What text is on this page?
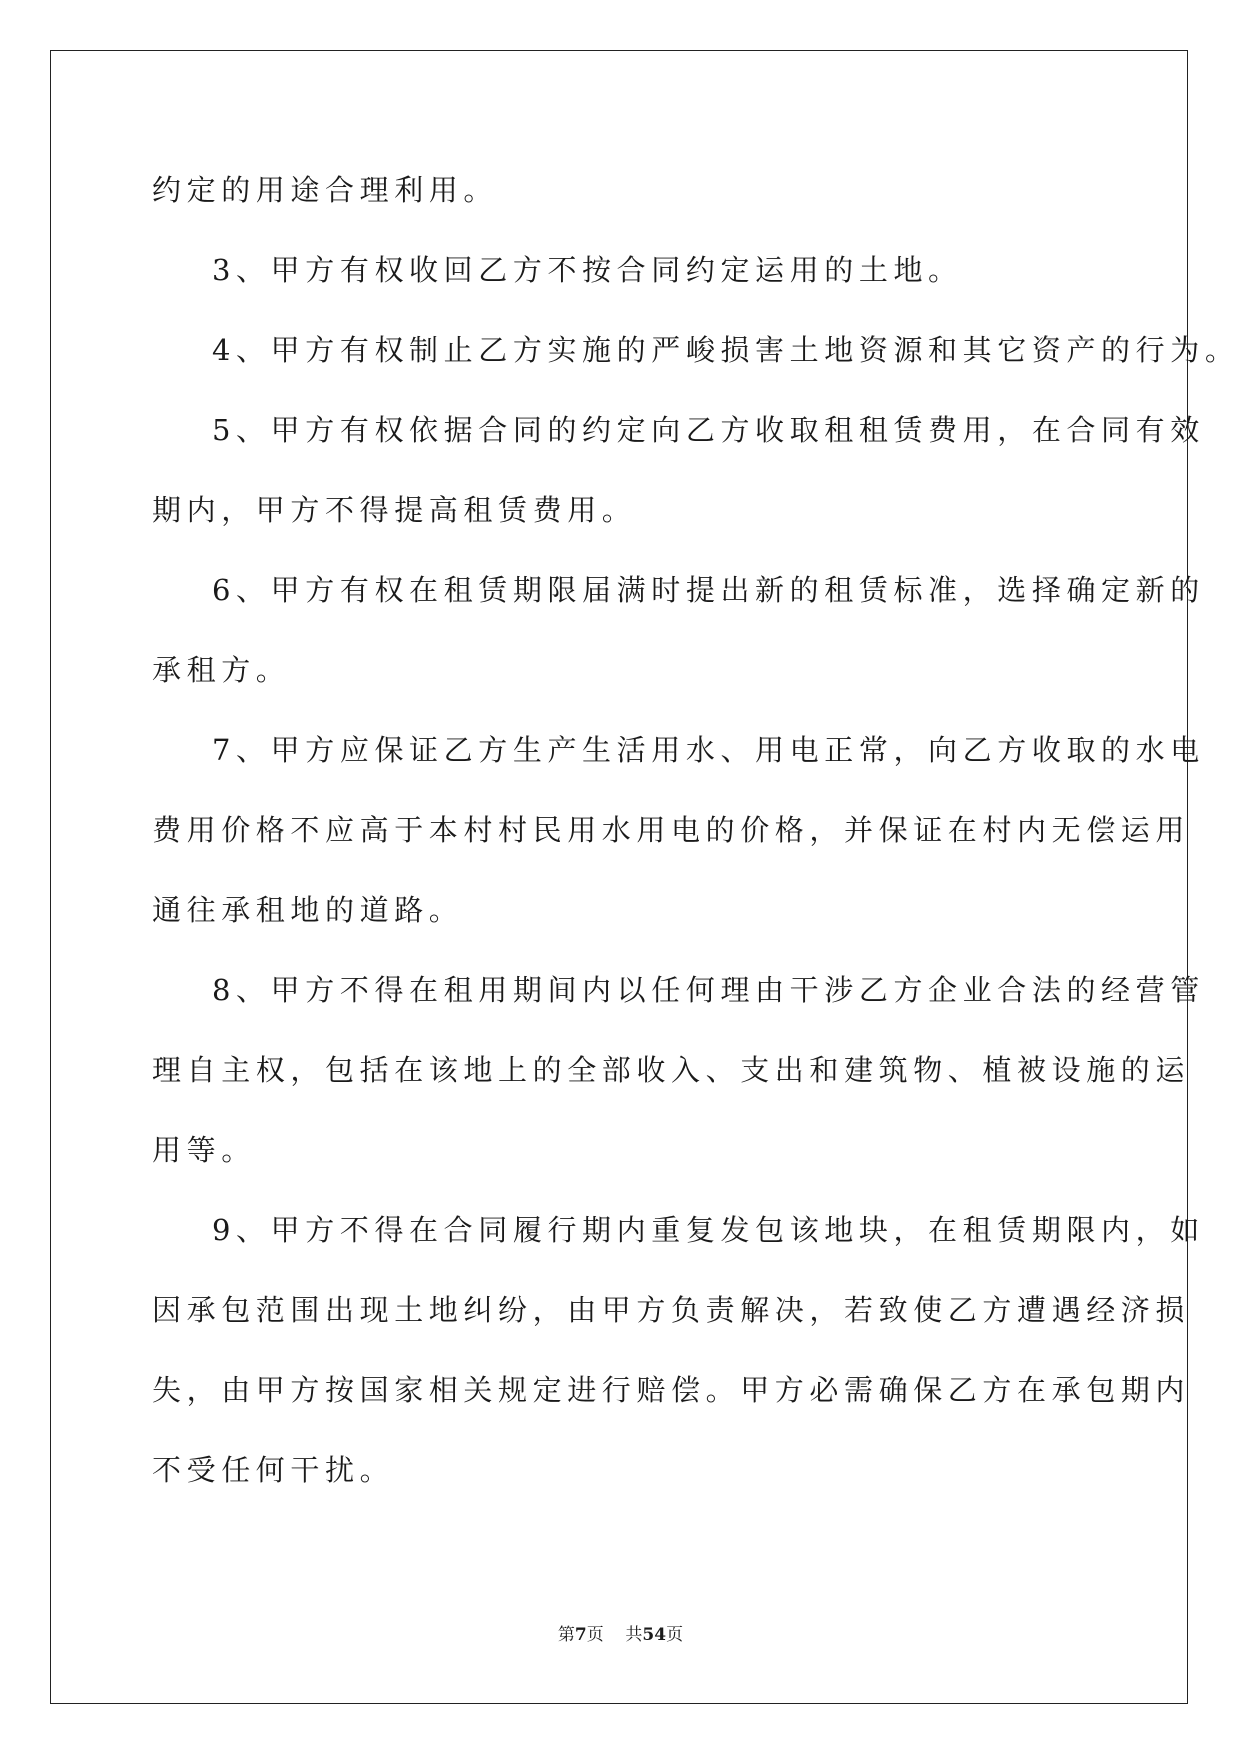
约定的用途合理利用。
3、甲方有权收回乙方不按合同约定运用的土地。
4、甲方有权制止乙方实施的严峻损害土地资源和其它资产的行为。
5、甲方有权依据合同的约定向乙方收取租租赁费用，在合同有效
期内，甲方不得提高租赁费用。
6、甲方有权在租赁期限届满时提出新的租赁标准，选择确定新的
承租方。
7、甲方应保证乙方生产生活用水、用电正常，向乙方收取的水电
费用价格不应高于本村村民用水用电的价格，并保证在村内无偿运用
通往承租地的道路。
8、甲方不得在租用期间内以任何理由干涉乙方企业合法的经营管
理自主权，包括在该地上的全部收入、支出和建筑物、植被设施的运
用等。
9、甲方不得在合同履行期内重复发包该地块，在租赁期限内，如
因承包范围出现土地纠纷，由甲方负责解决，若致使乙方遭遇经济损
失，由甲方按国家相关规定进行赔偿。甲方必需确保乙方在承包期内
不受任何干扰。
第7页 共54页
